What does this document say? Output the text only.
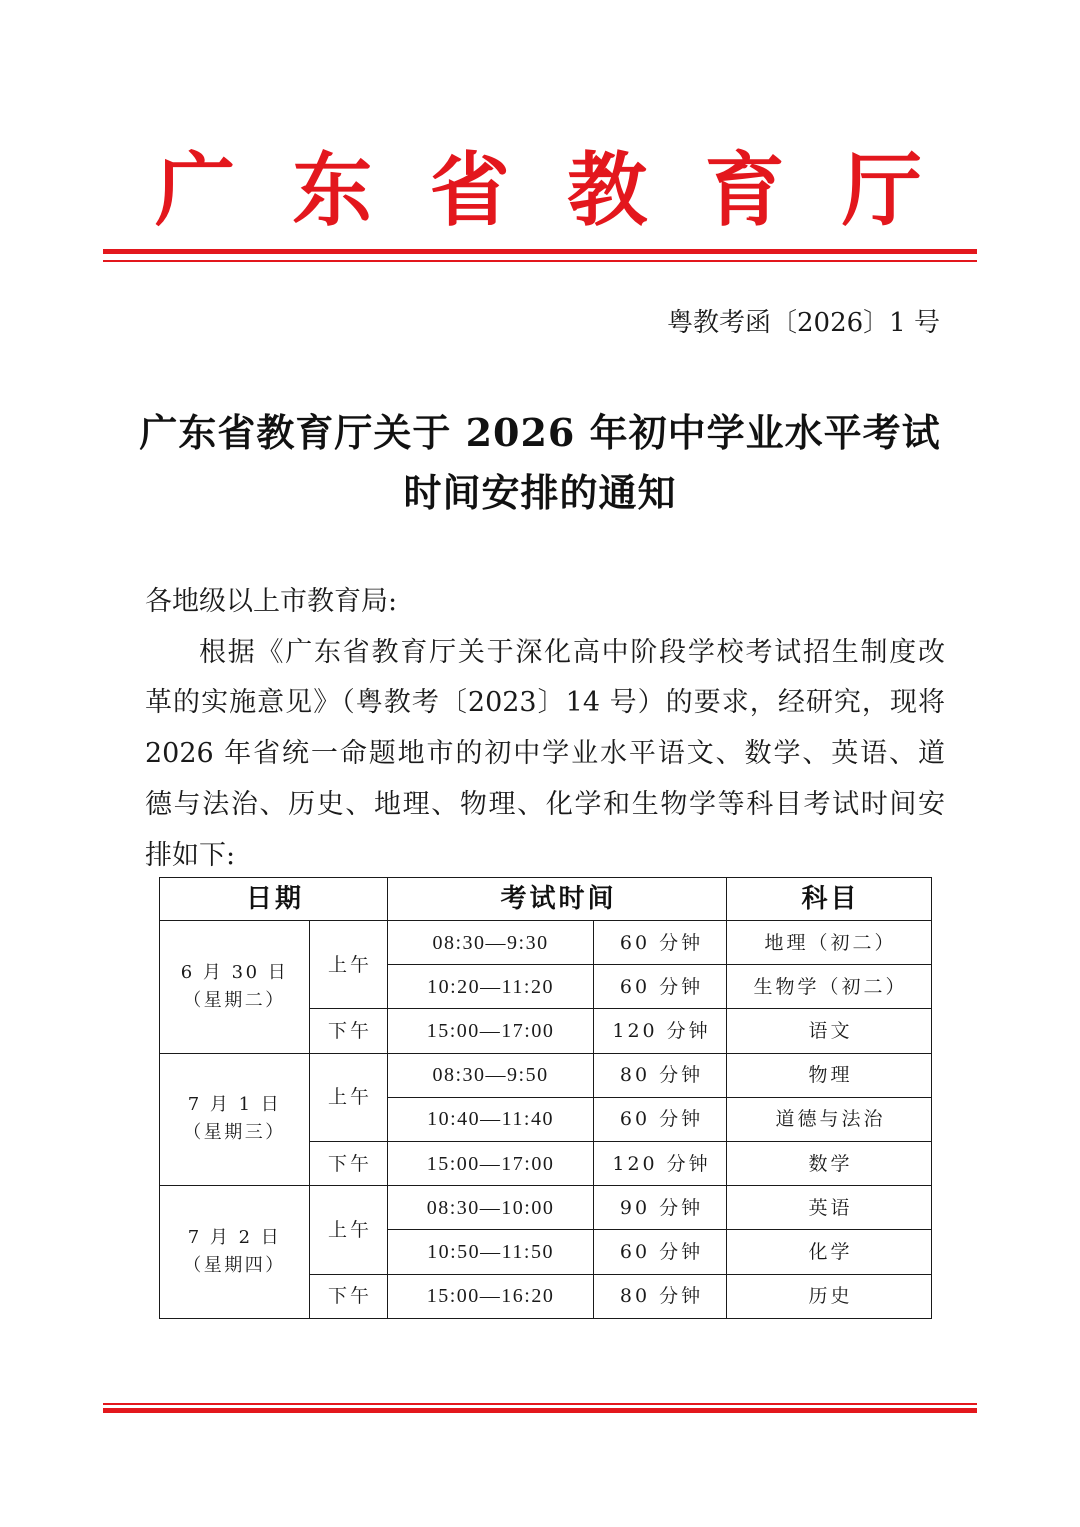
广东省教育厅
粤教考函〔2026〕1 号
广东省教育厅关于 2026 年初中学业水平考试
时间安排的通知
各地级以上市教育局:
根据《广东省教育厅关于深化高中阶段学校考试招生制度改
革的实施意见》（粤教考〔2023〕14 号）的要求，经研究，现将
2026 年省统一命题地市的初中学业水平语文、数学、英语、道
德与法治、历史、地理、物理、化学和生物学等科目考试时间安
排如下:
日期		考试时间		科目

6 月 30 日
（星期二）	上午	08:30—9:30	60 分钟	地理（初二）
		10:20—11:20	60 分钟	生物学（初二）
	下午	15:00—17:00	120 分钟	语文

7 月 1 日
（星期三）	上午	08:30—9:50	80 分钟	物理
		10:40—11:40	60 分钟	道德与法治
	下午	15:00—17:00	120 分钟	数学

7 月 2 日
（星期四）	上午	08:30—10:00	90 分钟	英语
		10:50—11:50	60 分钟	化学
	下午	15:00—16:20	80 分钟	历史
